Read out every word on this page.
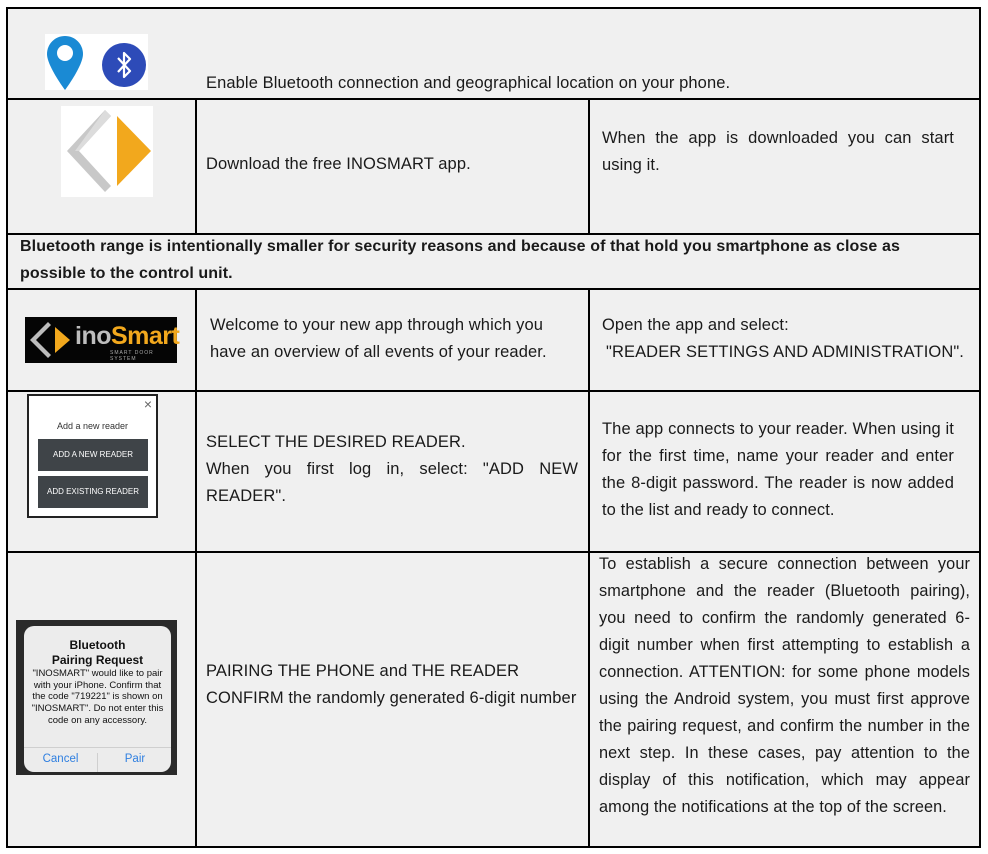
Enable Bluetooth connection and geographical location on your phone.
Download the free INOSMART app.
When the app is downloaded you can start using it.
Bluetooth range is intentionally smaller for security reasons and because of that hold you smartphone as close as possible to the control unit.
inoSmart
SMART DOOR SYSTEM
Welcome to your new app through which you have an overview of all events of your reader.
Open the app and select:
"READER SETTINGS AND ADMINISTRATION".
×
Add a new reader
ADD A NEW READER
ADD EXISTING READER
SELECT THE DESIRED READER.
When you first log in, select: "ADD NEW READER".
The app connects to your reader. When using it for the first time, name your reader and enter the 8-digit password. The reader is now added to the list and ready to connect.
Bluetooth
Pairing Request
"INOSMART" would like to pair with your iPhone. Confirm that the code "719221" is shown on "INOSMART". Do not enter this code on any accessory.
Cancel	Pair
PAIRING THE PHONE and THE READER
CONFIRM the randomly generated 6-digit number
To establish a secure connection between your smartphone and the reader (Bluetooth pairing), you need to confirm the randomly generated 6-digit number when first attempting to establish a connection. ATTENTION: for some phone models using the Android system, you must first approve the pairing request, and confirm the number in the next step. In these cases, pay attention to the display of this notification, which may appear among the notifications at the top of the screen.
